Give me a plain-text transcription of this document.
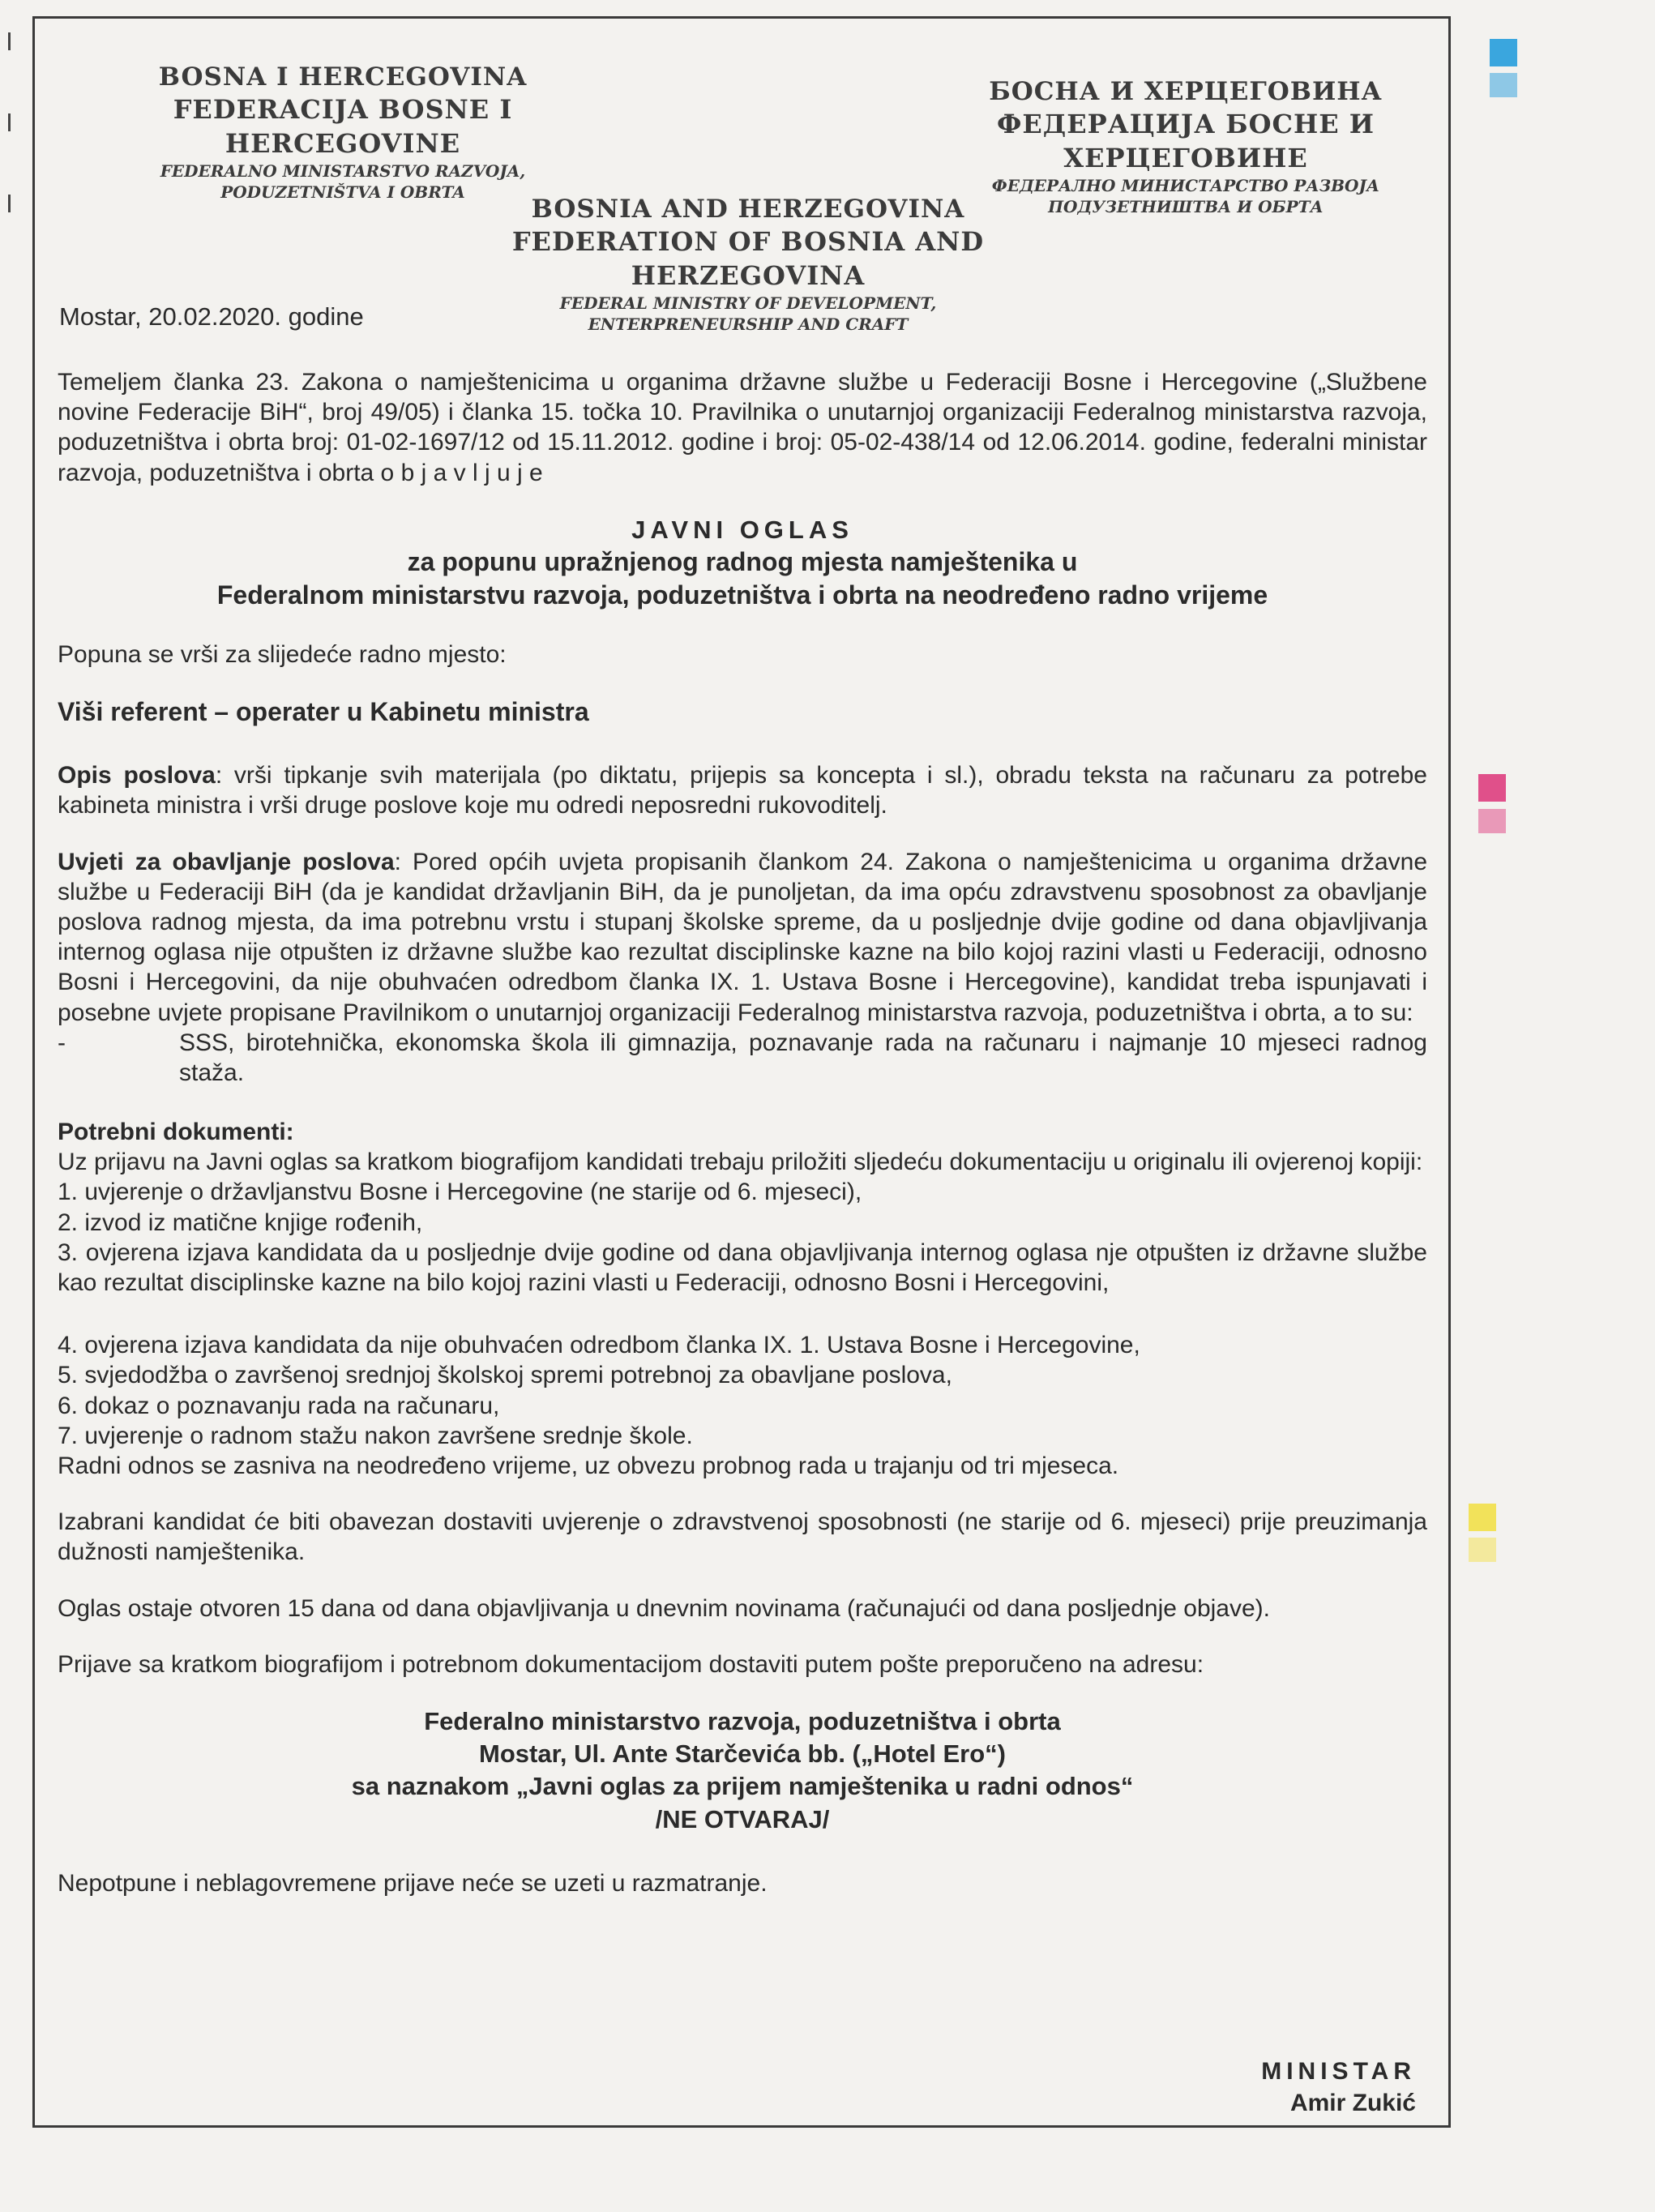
BOSNA I HERCEGOVINA
FEDERACIJA BOSNE I HERCEGOVINE
FEDERALNO MINISTARSTVO RAZVOJA,
PODUZETNIŠTVA I OBRTA
БОСНА И ХЕРЦЕГОВИНА
ФЕДЕРАЦИЈА БОСНЕ И ХЕРЦЕГОВИНЕ
ФЕДЕРАЛНО МИНИСТАРСТВО РАЗВОЈА
ПОДУЗЕТНИШТВА И ОБРТА
BOSNIA AND HERZEGOVINA
FEDERATION OF BOSNIA AND HERZEGOVINA
FEDERAL MINISTRY OF DEVELOPMENT,
ENTERPRENEURSHIP AND CRAFT
Mostar, 20.02.2020. godine

Temeljem članka 23. Zakona o namještenicima u organima državne službe u Federaciji Bosne i Hercegovine („Službene novine Federacije BiH“, broj 49/05) i članka 15. točka 10. Pravilnika o unutarnjoj organizaciji Federalnog ministarstva razvoja, poduzetništva i obrta broj: 01-02-1697/12 od 15.11.2012. godine i broj: 05-02-438/14 od 12.06.2014. godine, federalni ministar razvoja, poduzetništva i obrta o b j a v l j u j e

JAVNI OGLAS
za popunu upražnjenog radnog mjesta namještenika u
Federalnom ministarstvu razvoja, poduzetništva i obrta na neodređeno radno vrijeme

Popuna se vrši za slijedeće radno mjesto:

Viši referent – operater u Kabinetu ministra

Opis poslova: vrši tipkanje svih materijala (po diktatu, prijepis sa koncepta i sl.), obradu teksta na računaru za potrebe kabineta ministra i vrši druge poslove koje mu odredi neposredni rukovoditelj.

Uvjeti za obavljanje poslova: Pored općih uvjeta propisanih člankom 24. Zakona o namještenicima u organima državne službe u Federaciji BiH (da je kandidat državljanin BiH, da je punoljetan, da ima opću zdravstvenu sposobnost za obavljanje poslova radnog mjesta, da ima potrebnu vrstu i stupanj školske spreme, da u posljednje dvije godine od dana objavljivanja internog oglasa nije otpušten iz državne službe kao rezultat disciplinske kazne na bilo kojoj razini vlasti u Federaciji, odnosno Bosni i Hercegovini, da nije obuhvaćen odredbom članka IX. 1. Ustava Bosne i Hercegovine), kandidat treba ispunjavati i posebne uvjete propisane Pravilnikom o unutarnjoj organizaciji Federalnog ministarstva razvoja, poduzetništva i obrta, a to su:
-	SSS, birotehnička, ekonomska škola ili gimnazija, poznavanje rada na računaru i najmanje 10 mjeseci radnog staža.
Potrebni dokumenti:
Uz prijavu na Javni oglas sa kratkom biografijom kandidati trebaju priložiti sljedeću dokumentaciju u originalu ili ovjerenoj kopiji:
1. uvjerenje o državljanstvu Bosne i Hercegovine (ne starije od 6. mjeseci),
2. izvod iz matične knjige rođenih,
3. ovjerena izjava kandidata da u posljednje dvije godine od dana objavljivanja internog oglasa nje otpušten iz državne službe kao rezultat disciplinske kazne na bilo kojoj razini vlasti u Federaciji, odnosno Bosni i Hercegovini,
4. ovjerena izjava kandidata da nije obuhvaćen odredbom članka IX. 1. Ustava Bosne i Hercegovine,
5. svjedodžba o završenoj srednjoj školskoj spremi potrebnoj za obavljane poslova,
6. dokaz o poznavanju rada na računaru,
7. uvjerenje o radnom stažu nakon završene srednje škole.
Radni odnos se zasniva na neodređeno vrijeme, uz obvezu probnog rada u trajanju od tri mjeseca.

Izabrani kandidat će biti obavezan dostaviti uvjerenje o zdravstvenoj sposobnosti (ne starije od 6. mjeseci) prije preuzimanja dužnosti namještenika.

Oglas ostaje otvoren 15 dana od dana objavljivanja u dnevnim novinama (računajući od dana posljednje objave).

Prijave sa kratkom biografijom i potrebnom dokumentacijom dostaviti putem pošte preporučeno na adresu:

Federalno ministarstvo razvoja, poduzetništva i obrta
Mostar, Ul. Ante Starčevića bb. („Hotel Ero“)
sa naznakom „Javni oglas za prijem namještenika u radni odnos“
/NE OTVARAJ/

Nepotpune i neblagovremene prijave neće se uzeti u razmatranje.

MINISTAR
Amir Zukić
